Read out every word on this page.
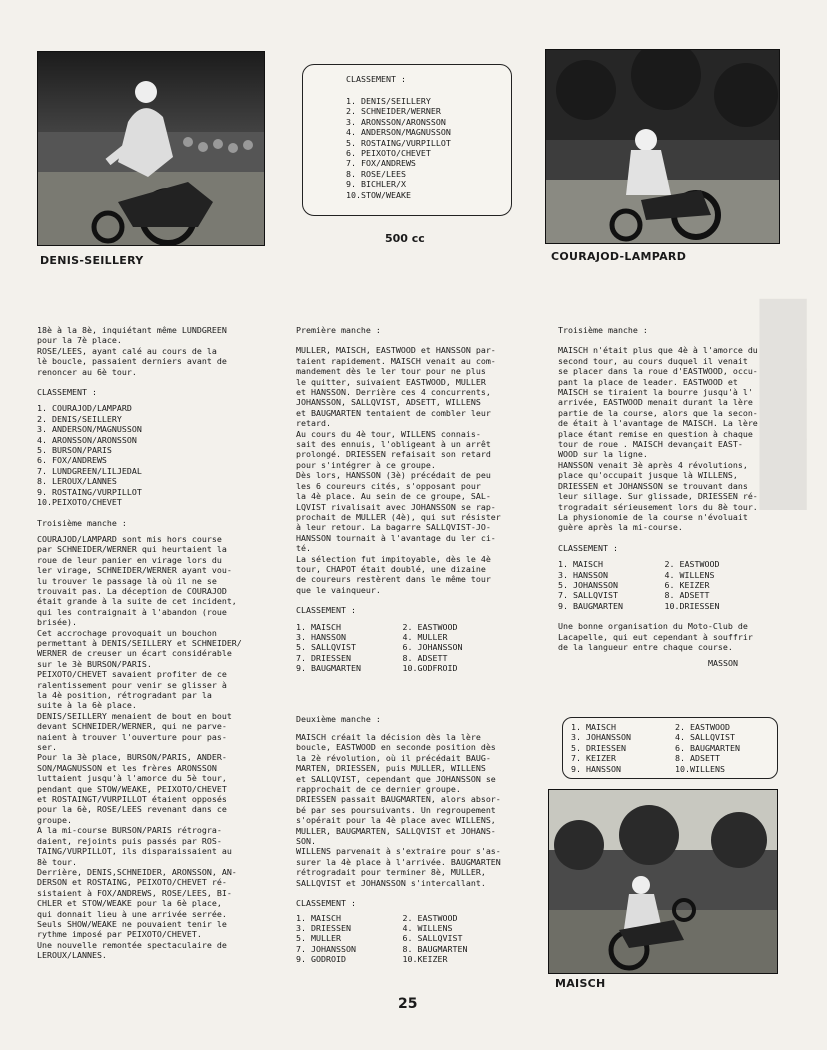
█
█
█
DENIS-SEILLERY
CLASSEMENT :
1. DENIS/SEILLERY
2. SCHNEIDER/WERNER
3. ARONSSON/ARONSSON
4. ANDERSON/MAGNUSSON
5. ROSTAING/VURPILLOT
6. PEIXOTO/CHEVET
7. FOX/ANDREWS
8. ROSE/LEES
9. BICHLER/X
10.STOW/WEAKE
500 cc
COURAJOD-LAMPARD
18è à la 8è, inquiétant même LUNDGREEN
pour la 7è place.
ROSE/LEES, ayant calé au cours de la
lè boucle, passaient derniers avant de
renoncer au 6è tour.
CLASSEMENT :
1. COURAJOD/LAMPARD
2. DENIS/SEILLERY
3. ANDERSON/MAGNUSSON
4. ARONSSON/ARONSSON
5. BURSON/PARIS
6. FOX/ANDREWS
7. LUNDGREEN/LILJEDAL
8. LEROUX/LANNES
9. ROSTAING/VURPILLOT
10.PEIXOTO/CHEVET
Troisième manche :
COURAJOD/LAMPARD sont mis hors course
par SCHNEIDER/WERNER qui heurtaient la
roue de leur panier en virage lors du
ler virage, SCHNEIDER/WERNER ayant vou-
lu trouver le passage là où il ne se
trouvait pas. La déception de COURAJOD
était grande à la suite de cet incident,
qui les contraignait à l'abandon (roue
brisée).
Cet accrochage provoquait un bouchon
permettant à DENIS/SEILLERY et SCHNEIDER/
WERNER de creuser un écart considérable
sur le 3è BURSON/PARIS.
PEIXOTO/CHEVET savaient profiter de ce
ralentissement pour venir se glisser à
la 4è position, rétrogradant par la
suite à la 6è place.
DENIS/SEILLERY menaient de bout en bout
devant SCHNEIDER/WERNER, qui ne parve-
naient à trouver l'ouverture pour pas-
ser.
Pour la 3è place, BURSON/PARIS, ANDER-
SON/MAGNUSSON et les frères ARONSSON
luttaient jusqu'à l'amorce du 5è tour,
pendant que STOW/WEAKE, PEIXOTO/CHEVET
et ROSTAINGT/VURPILLOT étaient opposés
pour la 6è, ROSE/LEES revenant dans ce
groupe.
A la mi-course BURSON/PARIS rétrogra-
daient, rejoints puis passés par ROS-
TAING/VURPILLOT, ils disparaissaient au
8è tour.
Derrière, DENIS,SCHNEIDER, ARONSSON, AN-
DERSON et ROSTAING, PEIXOTO/CHEVET ré-
sistaient à FOX/ANDREWS, ROSE/LEES, BI-
CHLER et STOW/WEAKE pour la 6è place,
qui donnait lieu à une arrivée serrée.
Seuls SHOW/WEAKE ne pouvaient tenir le
rythme imposé par PEIXOTO/CHEVET.
Une nouvelle remontée spectaculaire de
LEROUX/LANNES.
Première manche :
MULLER, MAISCH, EASTWOOD et HANSSON par-
taient rapidement. MAISCH venait au com-
mandement dès le ler tour pour ne plus
le quitter, suivaient EASTWOOD, MULLER
et HANSSON. Derrière ces 4 concurrents,
JOHANSSON, SALLQVIST, ADSETT, WILLENS
et BAUGMARTEN tentaient de combler leur
retard.
Au cours du 4è tour, WILLENS connais-
sait des ennuis, l'obligeant à un arrêt
prolongé. DRIESSEN refaisait son retard
pour s'intégrer à ce groupe.
Dès lors, HANSSON (3è) précédait de peu
les 6 coureurs cités, s'opposant pour
la 4è place. Au sein de ce groupe, SAL-
LQVIST rivalisait avec JOHANSSON se rap-
prochait de MULLER (4è), qui sut résister
à leur retour. La bagarre SALLQVIST-JO-
HANSSON tournait à l'avantage du ler ci-
té.
La sélection fut impitoyable, dès le 4è
tour, CHAPOT était doublé, une dizaine
de coureurs restèrent dans le même tour
que le vainqueur.
CLASSEMENT :
1. MAISCH	2. EASTWOOD
3. HANSSON	4. MULLER
5. SALLQVIST	6. JOHANSSON
7. DRIESSEN	8. ADSETT
9. BAUGMARTEN	10.GODFROID
Deuxième manche :
MAISCH créait la décision dès la lère
boucle, EASTWOOD en seconde position dès
la 2è révolution, où il précédait BAUG-
MARTEN, DRIESSEN, puis MULLER, WILLENS
et SALLQVIST, cependant que JOHANSSON se
rapprochait de ce dernier groupe.
DRIESSEN passait BAUGMARTEN, alors absor-
bé par ses poursuivants. Un regroupement
s'opérait pour la 4è place avec WILLENS,
MULLER, BAUGMARTEN, SALLQVIST et JOHANS-
SON.
WILLENS parvenait à s'extraire pour s'as-
surer la 4è place à l'arrivée. BAUGMARTEN
rétrogradait pour terminer 8è, MULLER,
SALLQVIST et JOHANSSON s'intercallant.
CLASSEMENT :
1. MAISCH	2. EASTWOOD
3. DRIESSEN	4. WILLENS
5. MULLER	6. SALLQVIST
7. JOHANSSON	8. BAUGMARTEN
9. GODROID	10.KEIZER
Troisième manche :
MAISCH n'était plus que 4è à l'amorce du
second tour, au cours duquel il venait
se placer dans la roue d'EASTWOOD, occu-
pant la place de leader. EASTWOOD et
MAISCH se tiraient la bourre jusqu'à l'
arrivée, EASTWOOD menait durant la lère
partie de la course, alors que la secon-
de était à l'avantage de MAISCH. La lère
place étant remise en question à chaque
tour de roue . MAISCH devançait EAST-
WOOD sur la ligne.
HANSSON venait 3è après 4 révolutions,
place qu'occupait jusque là WILLENS,
DRIESSEN et JOHANSSON se trouvant dans
leur sillage. Sur glissade, DRIESSEN ré-
trogradait sérieusement lors du 8è tour.
La physionomie de la course n'évoluait
guère après la mi-course.
CLASSEMENT :
1. MAISCH	2. EASTWOOD
3. HANSSON	4. WILLENS
5. JOHANSSON	6. KEIZER
7. SALLQVIST	8. ADSETT
9. BAUGMARTEN	10.DRIESSEN
Une bonne organisation du Moto-Club de
Lacapelle, qui eut cependant à souffrir
de la langueur entre chaque course.
MASSON
1. MAISCH	2. EASTWOOD
3. JOHANSSON	4. SALLQVIST
5. DRIESSEN	6. BAUGMARTEN
7. KEIZER	8. ADSETT
9. HANSSON	10.WILLENS
MAISCH
25
